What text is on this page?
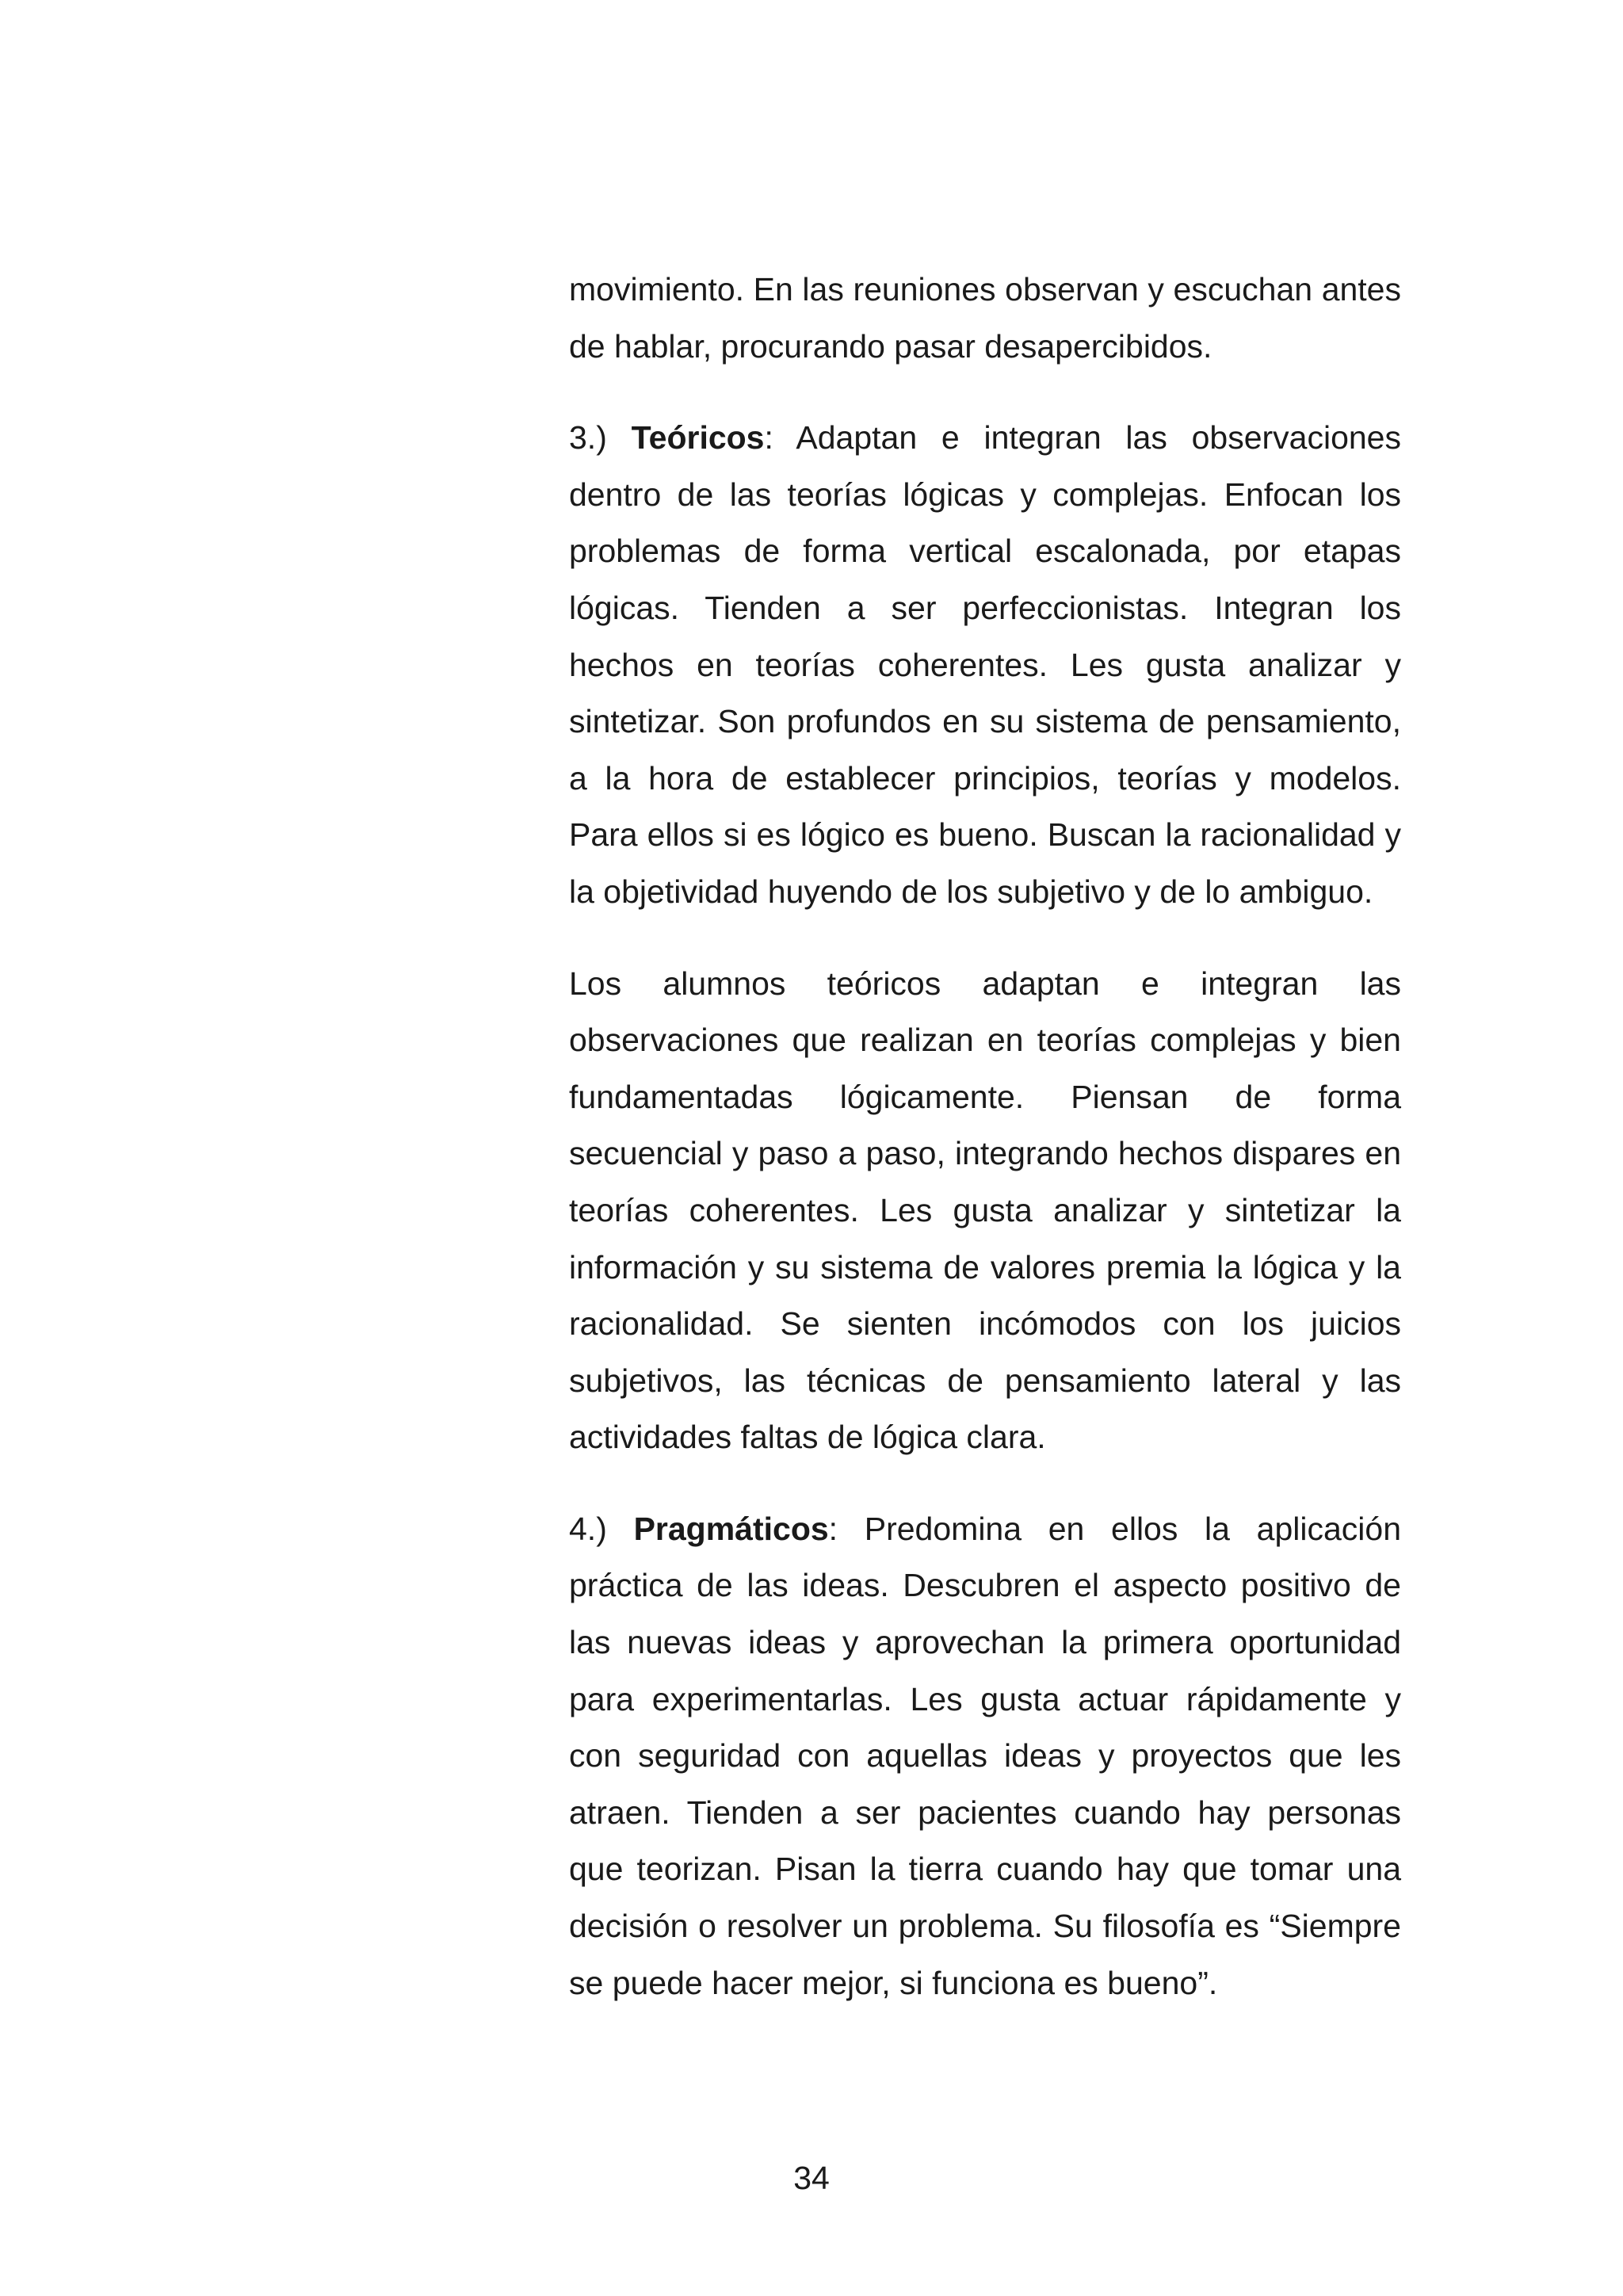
movimiento. En las reuniones observan y escuchan antes de hablar, procurando pasar desapercibidos.

3.) Teóricos: Adaptan e integran las observaciones dentro de las teorías lógicas y complejas. Enfocan los problemas de forma vertical escalonada, por etapas lógicas. Tienden a ser perfeccionistas. Integran los hechos en teorías coherentes. Les gusta analizar y sintetizar. Son profundos en su sistema de pensamiento, a la hora de establecer principios, teorías y modelos. Para ellos si es lógico es bueno. Buscan la racionalidad y la objetividad huyendo de los subjetivo y de lo ambiguo.

Los alumnos teóricos adaptan e integran las observaciones que realizan en teorías complejas y bien fundamentadas lógicamente. Piensan de forma secuencial y paso a paso, integrando hechos dispares en teorías coherentes. Les gusta analizar y sintetizar la información y su sistema de valores premia la lógica y la racionalidad. Se sienten incómodos con los juicios subjetivos, las técnicas de pensamiento lateral y las actividades faltas de lógica clara.

4.) Pragmáticos: Predomina en ellos la aplicación práctica de las ideas. Descubren el aspecto positivo de las nuevas ideas y aprovechan la primera oportunidad para experimentarlas. Les gusta actuar rápidamente y con seguridad con aquellas ideas y proyectos que les atraen. Tienden a ser pacientes cuando hay personas que teorizan. Pisan la tierra cuando hay que tomar una decisión o resolver un problema. Su filosofía es “Siempre se puede hacer mejor, si funciona es bueno”.

34
